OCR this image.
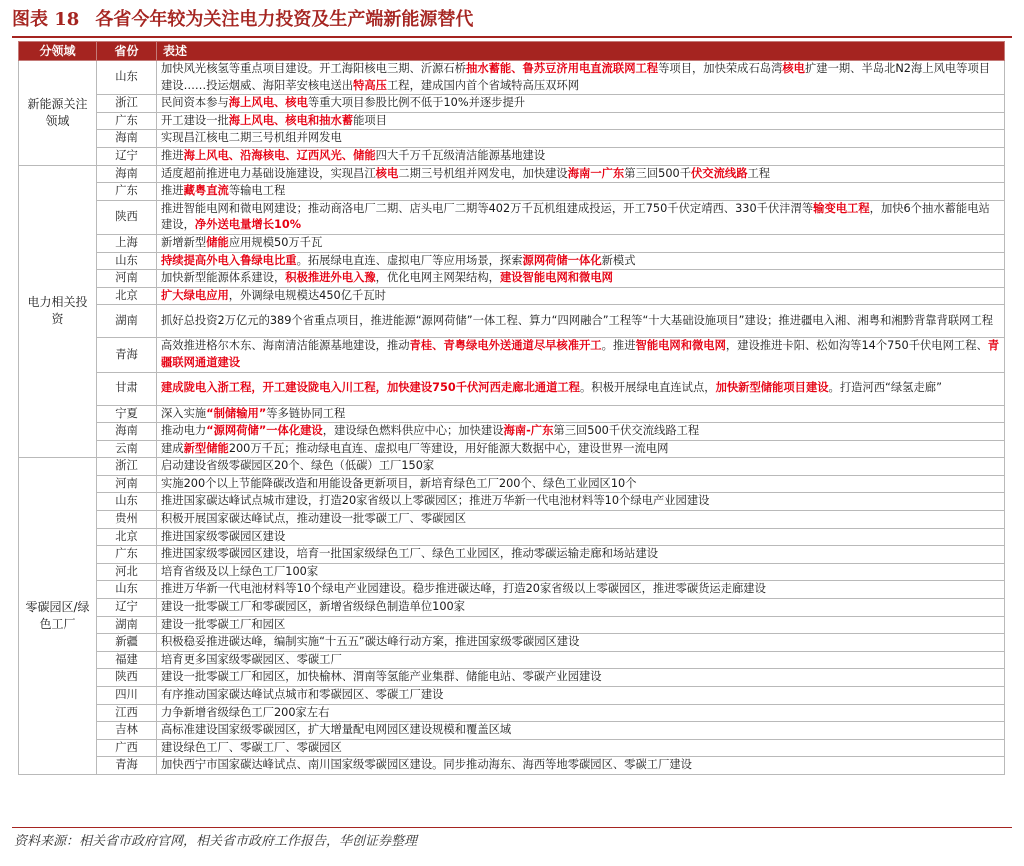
图表 18 各省今年较为关注电力投资及生产端新能源替代
分领域	省份	表述
新能源关注领域	山东	加快风光核氢等重点项目建设。开工海阳核电三期、沂源石桥抽水蓄能、鲁苏豆济用电直流联网工程等项目，加快荣成石岛湾核电扩建一期、半岛北N2海上风电等项目建设……投运烟威、海阳莘安核电送出特高压工程，建成国内首个省域特高压双环网
	浙江	民间资本参与海上风电、核电等重大项目参股比例不低于10%并逐步提升
	广东	开工建设一批海上风电、核电和抽水蓄能项目
	海南	实现昌江核电二期三号机组并网发电
	辽宁	推进海上风电、沿海核电、辽西风光、储能四大千万千瓦级清洁能源基地建设
电力相关投资	海南	适度超前推进电力基础设施建设，实现昌江核电二期三号机组并网发电，加快建设海南一广东第三回500千伏交流线路工程
	广东	推进藏粤直流等输电工程
	陕西	推进智能电网和微电网建设；推动商洛电厂二期、店头电厂二期等402万千瓦机组建成投运，开工750千伏定靖西、330千伏沣渭等输变电工程，加快6个抽水蓄能电站建设，净外送电量增长10%
	上海	新增新型储能应用规模50万千瓦
	山东	持续提高外电入鲁绿电比重。拓展绿电直连、虚拟电厂等应用场景，探索源网荷储一体化新模式
	河南	加快新型能源体系建设，积极推进外电入豫，优化电网主网架结构，建设智能电网和微电网
	北京	扩大绿电应用，外调绿电规模达450亿千瓦时
	湖南	抓好总投资2万亿元的389个省重点项目，推进能源“源网荷储”一体工程、算力“四网融合”工程等“十大基础设施项目”建设；推进疆电入湘、湘粤和湘黔背靠背联网工程
	青海	高效推进格尔木东、海南清洁能源基地建设，推动青桂、青粤绿电外送通道尽早核准开工。推进智能电网和微电网，建设推进卡阳、松如沟等14个750千伏电网工程、青疆联网通道建设
	甘肃	建成陇电入浙工程，开工建设陇电入川工程，加快建设750千伏河西走廊北通道工程。积极开展绿电直连试点，加快新型储能项目建设。打造河西“绿氢走廊”
	宁夏	深入实施“制储输用”等多链协同工程
	海南	推动电力“源网荷储”一体化建设，建设绿色燃料供应中心；加快建设海南-广东第三回500千伏交流线路工程
	云南	建成新型储能200万千瓦；推动绿电直连、虚拟电厂等建设，用好能源大数据中心，建设世界一流电网
零碳园区/绿色工厂	浙江	启动建设省级零碳园区20个、绿色（低碳）工厂150家
	河南	实施200个以上节能降碳改造和用能设备更新项目，新培育绿色工厂200个、绿色工业园区10个
	山东	推进国家碳达峰试点城市建设，打造20家省级以上零碳园区；推进万华新一代电池材料等10个绿电产业园建设
	贵州	积极开展国家碳达峰试点，推动建设一批零碳工厂、零碳园区
	北京	推进国家级零碳园区建设
	广东	推进国家级零碳园区建设，培育一批国家级绿色工厂、绿色工业园区，推动零碳运输走廊和场站建设
	河北	培育省级及以上绿色工厂100家
	山东	推进万华新一代电池材料等10个绿电产业园建设。稳步推进碳达峰，打造20家省级以上零碳园区，推进零碳货运走廊建设
	辽宁	建设一批零碳工厂和零碳园区，新增省级绿色制造单位100家
	湖南	建设一批零碳工厂和园区
	新疆	积极稳妥推进碳达峰，编制实施“十五五”碳达峰行动方案，推进国家级零碳园区建设
	福建	培育更多国家级零碳园区、零碳工厂
	陕西	建设一批零碳工厂和园区，加快榆林、渭南等氢能产业集群、储能电站、零碳产业园建设
	四川	有序推动国家碳达峰试点城市和零碳园区、零碳工厂建设
	江西	力争新增省级绿色工厂200家左右
	吉林	高标准建设国家级零碳园区，扩大增量配电网园区建设规模和覆盖区域
	广西	建设绿色工厂、零碳工厂、零碳园区
	青海	加快西宁市国家碳达峰试点、南川国家级零碳园区建设。同步推动海东、海西等地零碳园区、零碳工厂建设
资料来源：相关省市政府官网，相关省市政府工作报告，华创证券整理
